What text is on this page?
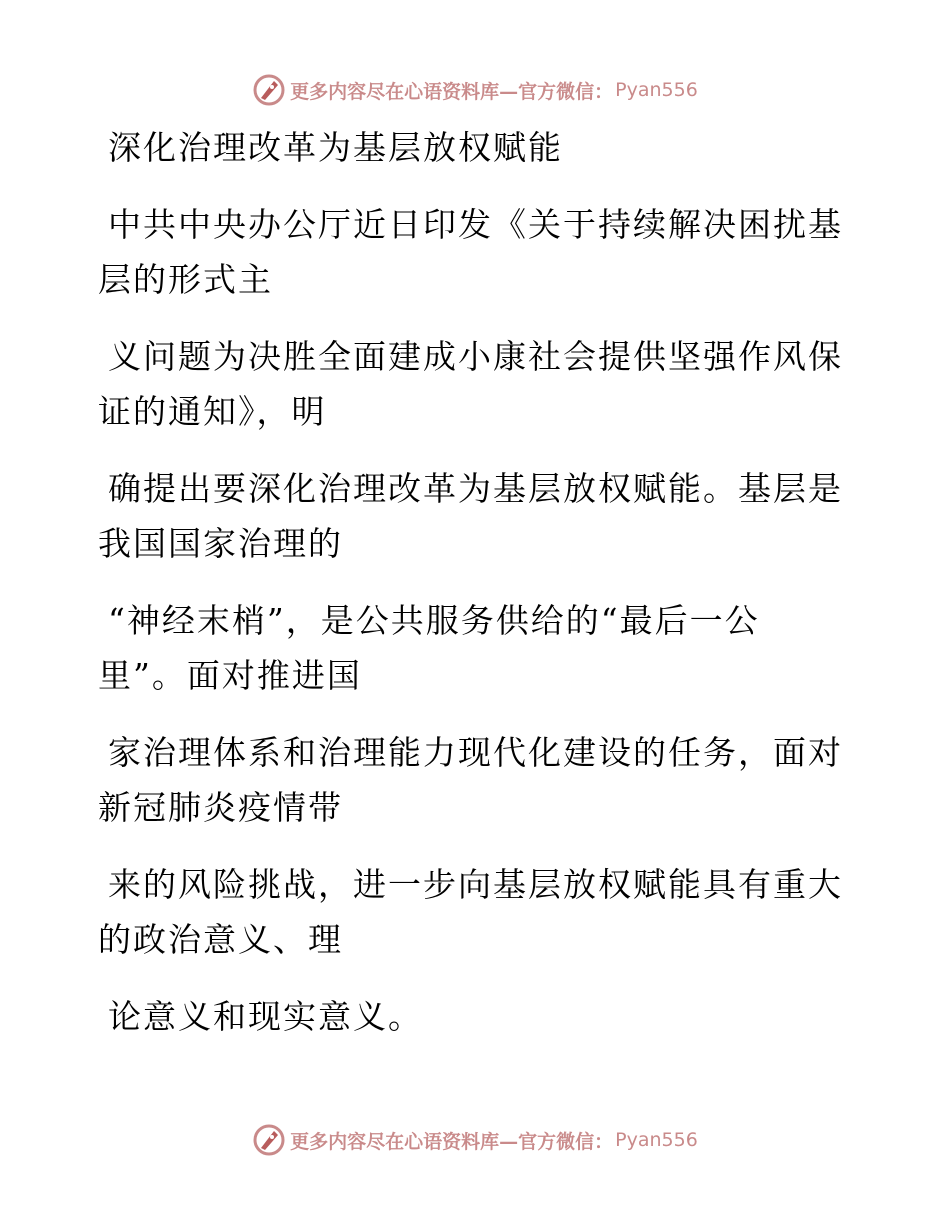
更多内容尽在心语资料库—官方微信： Pyan556
深化治理改革为基层放权赋能
中共中央办公厅近日印发《关于持续解决困扰基
层的形式主
义问题为决胜全面建成小康社会提供坚强作风保
证的通知》，明
确提出要深化治理改革为基层放权赋能。基层是
我国国家治理的
“神经末梢”，是公共服务供给的“最后一公
里”。面对推进国
家治理体系和治理能力现代化建设的任务，面对
新冠肺炎疫情带
来的风险挑战，进一步向基层放权赋能具有重大
的政治意义、理
论意义和现实意义。
更多内容尽在心语资料库—官方微信： Pyan556
